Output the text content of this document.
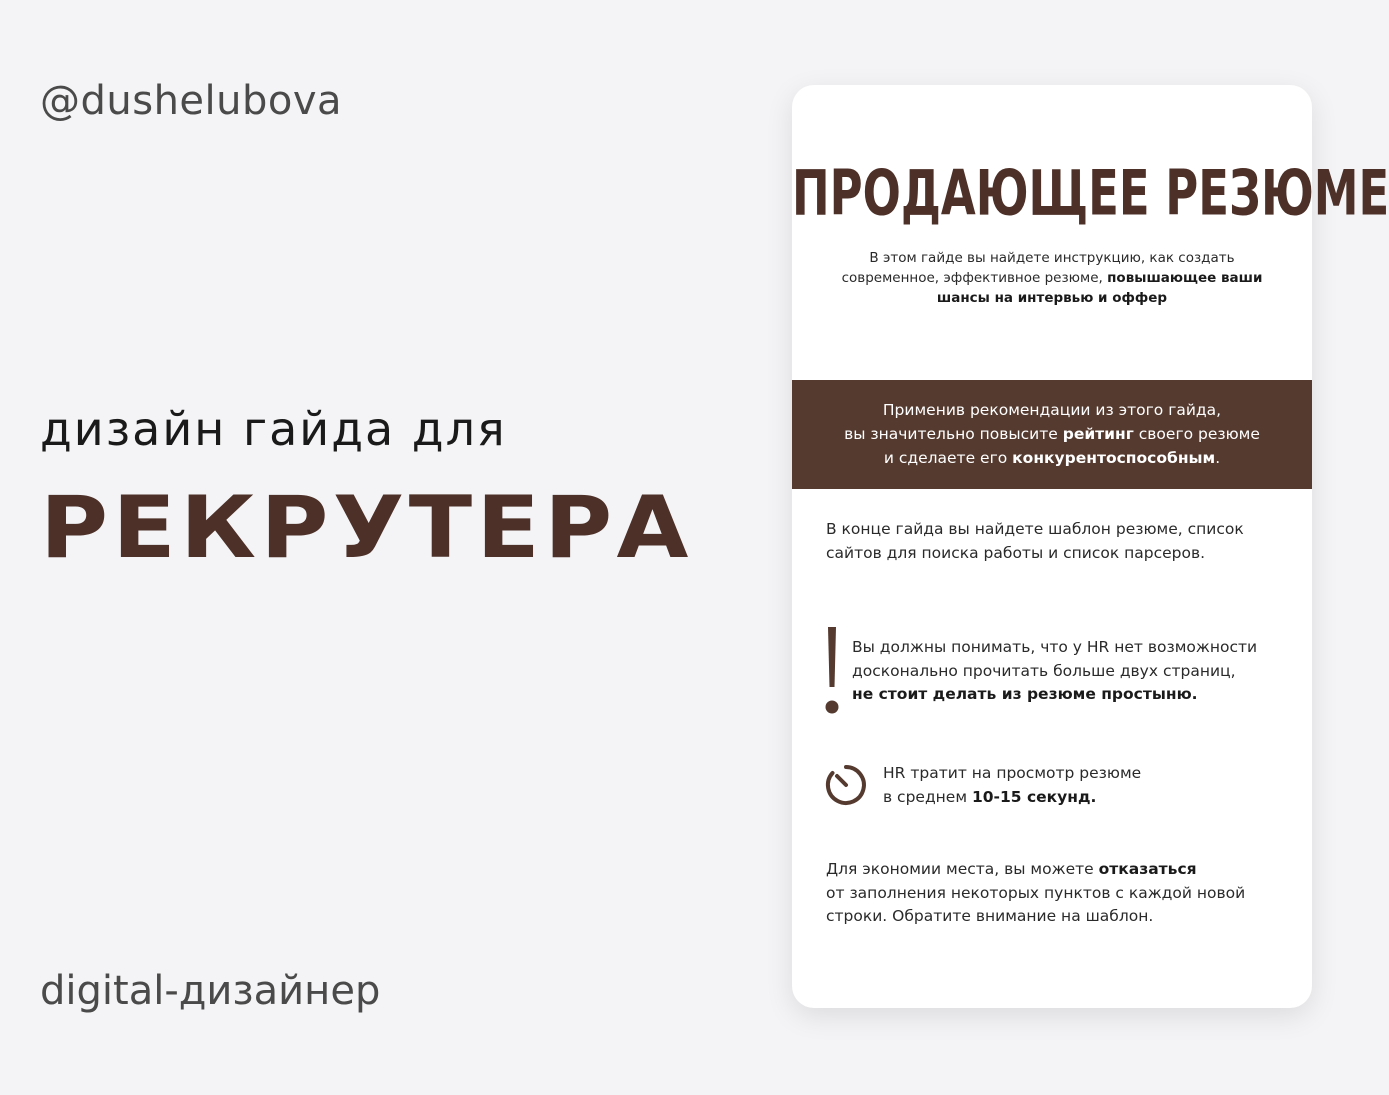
@dushelubova
дизайн гайда для
РЕКРУТЕРА
digital-дизайнер
ПРОДАЮЩЕЕ РЕЗЮМЕ
В этом гайде вы найдете инструкцию, как создать
современное, эффективное резюме, повышающее ваши
шансы на интервью и оффер
Применив рекомендации из этого гайда,
вы значительно повысите рейтинг своего резюме
и сделаете его конкурентоспособным.
В конце гайда вы найдете шаблон резюме, список
сайтов для поиска работы и список парсеров.
Вы должны понимать, что у HR нет возможности
досконально прочитать больше двух страниц,
не стоит делать из резюме простыню.
HR тратит на просмотр резюме
в среднем 10-15 секунд.
Для экономии места, вы можете отказаться
от заполнения некоторых пунктов с каждой новой
строки. Обратите внимание на шаблон.
